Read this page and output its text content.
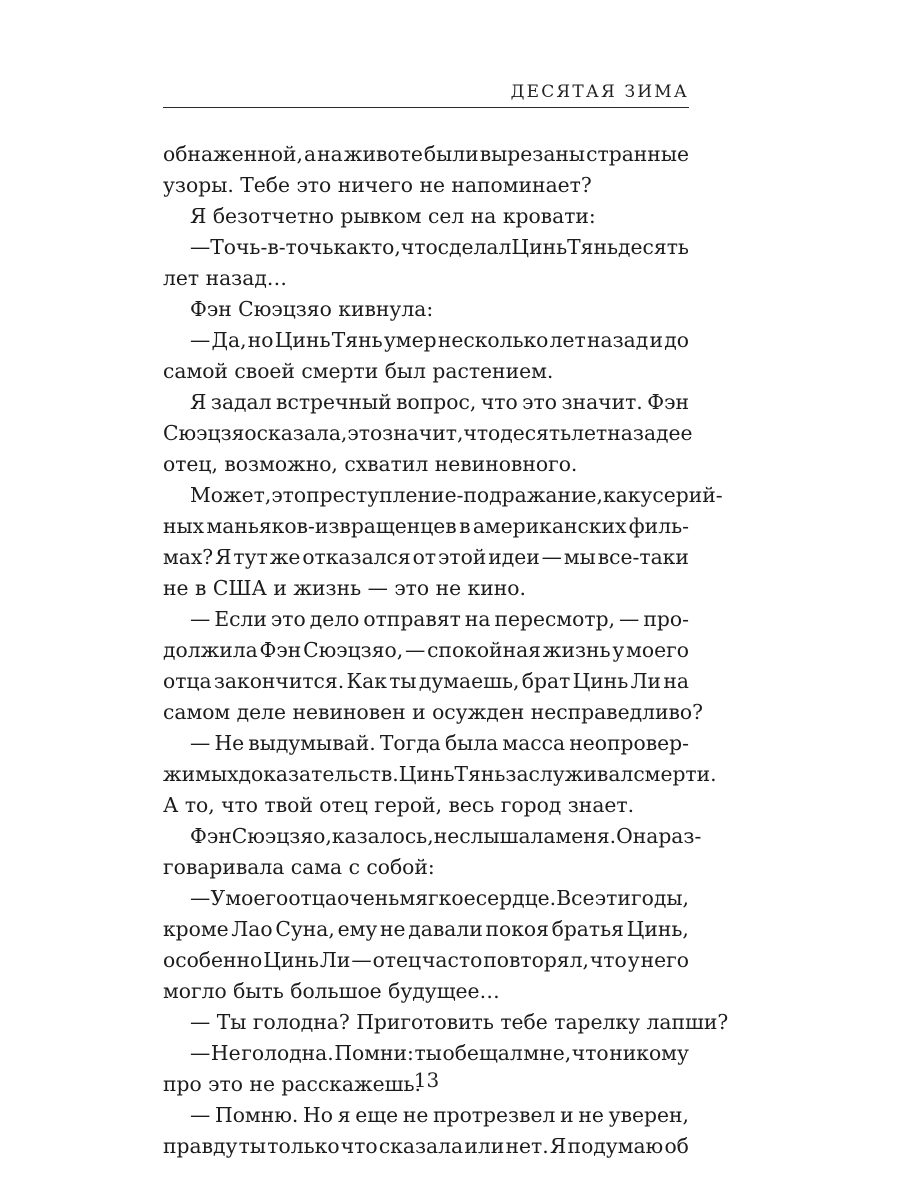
ДЕСЯТАЯ ЗИМА
обнаженной, а на животе были вырезаны странные
узоры. Тебе это ничего не напоминает?
Я безотчетно рывком сел на кровати:
— Точь-в-точь как то, что сделал Цинь Тянь десять
лет назад…
Фэн Сюэцзяо кивнула:
— Да, но Цинь Тянь умер несколько лет назад и до
самой своей смерти был растением.
Я задал встречный вопрос, что это значит. Фэн
Сюэцзяо сказала, это значит, что десять лет назад ее
отец, возможно, схватил невиновного.
Может, это преступление-подражание, как у серий-
ных маньяков-извращенцев в американских филь-
мах? Я тут же отказался от этой идеи — мы все-таки
не в США и жизнь — это не кино.
— Если это дело отправят на пересмотр, — про-
должила Фэн Сюэцзяо, — спокойная жизнь у моего
отца закончится. Как ты думаешь, брат Цинь Ли на
самом деле невиновен и осужден несправедливо?
— Не выдумывай. Тогда была масса неопровер-
жимых доказательств. Цинь Тянь заслуживал смерти.
А то, что твой отец герой, весь город знает.
Фэн Сюэцзяо, казалось, не слышала меня. Она раз-
говаривала сама с собой:
— У моего отца очень мягкое сердце. Все эти годы,
кроме Лао Суна, ему не давали покоя братья Цинь,
особенно Цинь Ли — отец часто повторял, что у него
могло быть большое будущее…
— Ты голодна? Приготовить тебе тарелку лапши?
— Не голодна. Помни: ты обещал мне, что никому
про это не расскажешь.
— Помню. Но я еще не протрезвел и не уверен,
правду ты только что сказала или нет. Я подумаю об
13
